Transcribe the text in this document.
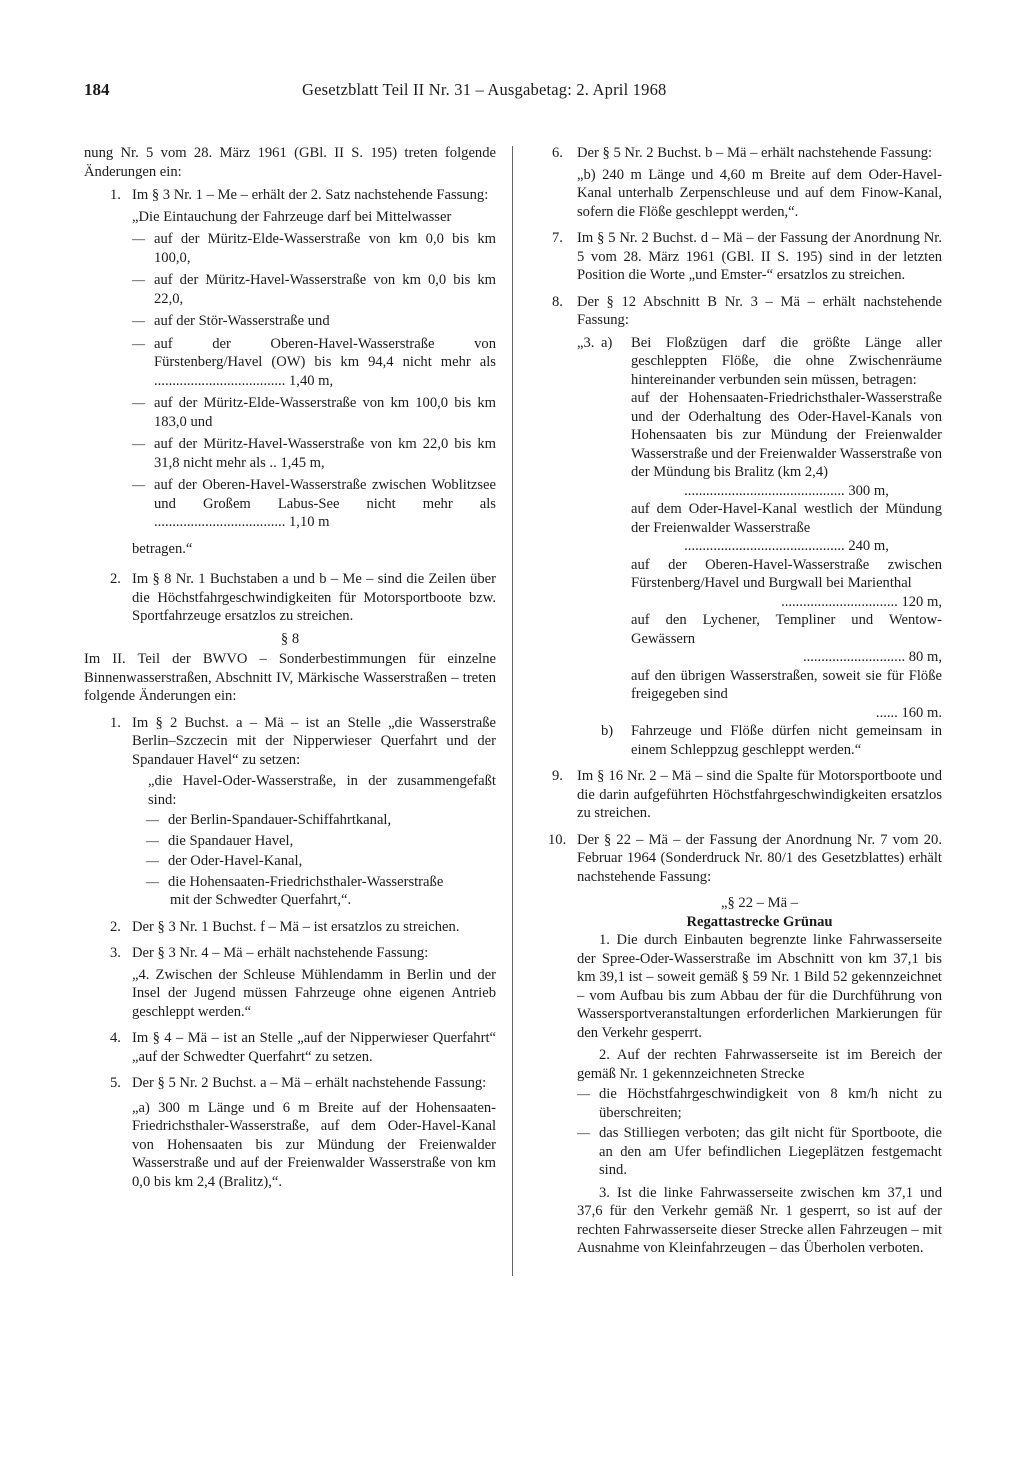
184	Gesetzblatt Teil II Nr. 31 – Ausgabetag: 2. April 1968

nung Nr. 5 vom 28. März 1961 (GBl. II S. 195) treten folgende Änderungen ein:

1. Im § 3 Nr. 1 – Me – erhält der 2. Satz nachstehende Fassung:

„Die Eintauchung der Fahrzeuge darf bei Mittelwasser

— auf der Müritz-Elde-Wasserstraße von km 0,0 bis km 100,0,

— auf der Müritz-Havel-Wasserstraße von km 0,0 bis km 22,0,

— auf der Stör-Wasserstraße und

— auf der Oberen-Havel-Wasserstraße von Fürstenberg/Havel (OW) bis km 94,4 nicht mehr als .................................... 1,40 m,

— auf der Müritz-Elde-Wasserstraße von km 100,0 bis km 183,0 und

— auf der Müritz-Havel-Wasserstraße von km 22,0 bis km 31,8 nicht mehr als .. 1,45 m,

— auf der Oberen-Havel-Wasserstraße zwischen Woblitzsee und Großem Labus-See nicht mehr als .................................... 1,10 m

betragen.“

2. Im § 8 Nr. 1 Buchstaben a und b – Me – sind die Zeilen über die Höchstfahrgeschwindigkeiten für Motorsportboote bzw. Sportfahrzeuge ersatzlos zu streichen.

§ 8

Im II. Teil der BWVO – Sonderbestimmungen für einzelne Binnenwasserstraßen, Abschnitt IV, Märkische Wasserstraßen – treten folgende Änderungen ein:

1. Im § 2 Buchst. a – Mä – ist an Stelle „die Wasserstraße Berlin–Szczecin mit der Nipperwieser Querfahrt und der Spandauer Havel“ zu setzen:

„die Havel-Oder-Wasserstraße, in der zusammengefaßt sind:

— der Berlin-Spandauer-Schiffahrtkanal,

— die Spandauer Havel,

— der Oder-Havel-Kanal,

— die Hohensaaten-Friedrichsthaler-Wasserstraße

mit der Schwedter Querfahrt,“.

2. Der § 3 Nr. 1 Buchst. f – Mä – ist ersatzlos zu streichen.

3. Der § 3 Nr. 4 – Mä – erhält nachstehende Fassung:

„4. Zwischen der Schleuse Mühlendamm in Berlin und der Insel der Jugend müssen Fahrzeuge ohne eigenen Antrieb geschleppt werden.“

4. Im § 4 – Mä – ist an Stelle „auf der Nipperwieser Querfahrt“ „auf der Schwedter Querfahrt“ zu setzen.

5. Der § 5 Nr. 2 Buchst. a – Mä – erhält nachstehende Fassung:

„a) 300 m Länge und 6 m Breite auf der Hohensaaten-Friedrichsthaler-Wasserstraße, auf dem Oder-Havel-Kanal von Hohensaaten bis zur Mündung der Freienwalder Wasserstraße und auf der Freienwalder Wasserstraße von km 0,0 bis km 2,4 (Bralitz),“.

6. Der § 5 Nr. 2 Buchst. b – Mä – erhält nachstehende Fassung:

„b) 240 m Länge und 4,60 m Breite auf dem Oder-Havel-Kanal unterhalb Zerpenschleuse und auf dem Finow-Kanal, sofern die Flöße geschleppt werden,“.

7. Im § 5 Nr. 2 Buchst. d – Mä – der Fassung der Anordnung Nr. 5 vom 28. März 1961 (GBl. II S. 195) sind in der letzten Position die Worte „und Emster-“ ersatzlos zu streichen.

8. Der § 12 Abschnitt B Nr. 3 – Mä – erhält nachstehende Fassung:

„3. a) Bei Floßzügen darf die größte Länge aller geschleppten Flöße, die ohne Zwischenräume hintereinander verbunden sein müssen, betragen:

auf der Hohensaaten-Friedrichsthaler-Wasserstraße und der Oderhaltung des Oder-Havel-Kanals von Hohensaaten bis zur Mündung der Freienwalder Wasserstraße und der Freienwalder Wasserstraße von der Mündung bis Bralitz (km 2,4)

............................................ 300 m,

auf dem Oder-Havel-Kanal westlich der Mündung der Freienwalder Wasserstraße

............................................ 240 m,

auf der Oberen-Havel-Wasserstraße zwischen Fürstenberg/Havel und Burgwall bei Marienthal

................................ 120 m,

auf den Lychener, Templiner und Wentow-Gewässern

............................ 80 m,

auf den übrigen Wasserstraßen, soweit sie für Flöße freigegeben sind

...... 160 m.

b) Fahrzeuge und Flöße dürfen nicht gemeinsam in einem Schleppzug geschleppt werden.“

9. Im § 16 Nr. 2 – Mä – sind die Spalte für Motorsportboote und die darin aufgeführten Höchstfahrgeschwindigkeiten ersatzlos zu streichen.

10. Der § 22 – Mä – der Fassung der Anordnung Nr. 7 vom 20. Februar 1964 (Sonderdruck Nr. 80/1 des Gesetzblattes) erhält nachstehende Fassung:

„§ 22 – Mä –

Regattastrecke Grünau

1. Die durch Einbauten begrenzte linke Fahrwasserseite der Spree-Oder-Wasserstraße im Abschnitt von km 37,1 bis km 39,1 ist – soweit gemäß § 59 Nr. 1 Bild 52 gekennzeichnet – vom Aufbau bis zum Abbau der für die Durchführung von Wassersportveranstaltungen erforderlichen Markierungen für den Verkehr gesperrt.

2. Auf der rechten Fahrwasserseite ist im Bereich der gemäß Nr. 1 gekennzeichneten Strecke

— die Höchstfahrgeschwindigkeit von 8 km/h nicht zu überschreiten;

— das Stilliegen verboten; das gilt nicht für Sportboote, die an den am Ufer befindlichen Liegeplätzen festgemacht sind.

3. Ist die linke Fahrwasserseite zwischen km 37,1 und 37,6 für den Verkehr gemäß Nr. 1 gesperrt, so ist auf der rechten Fahrwasserseite dieser Strecke allen Fahrzeugen – mit Ausnahme von Kleinfahrzeugen – das Überholen verboten.
